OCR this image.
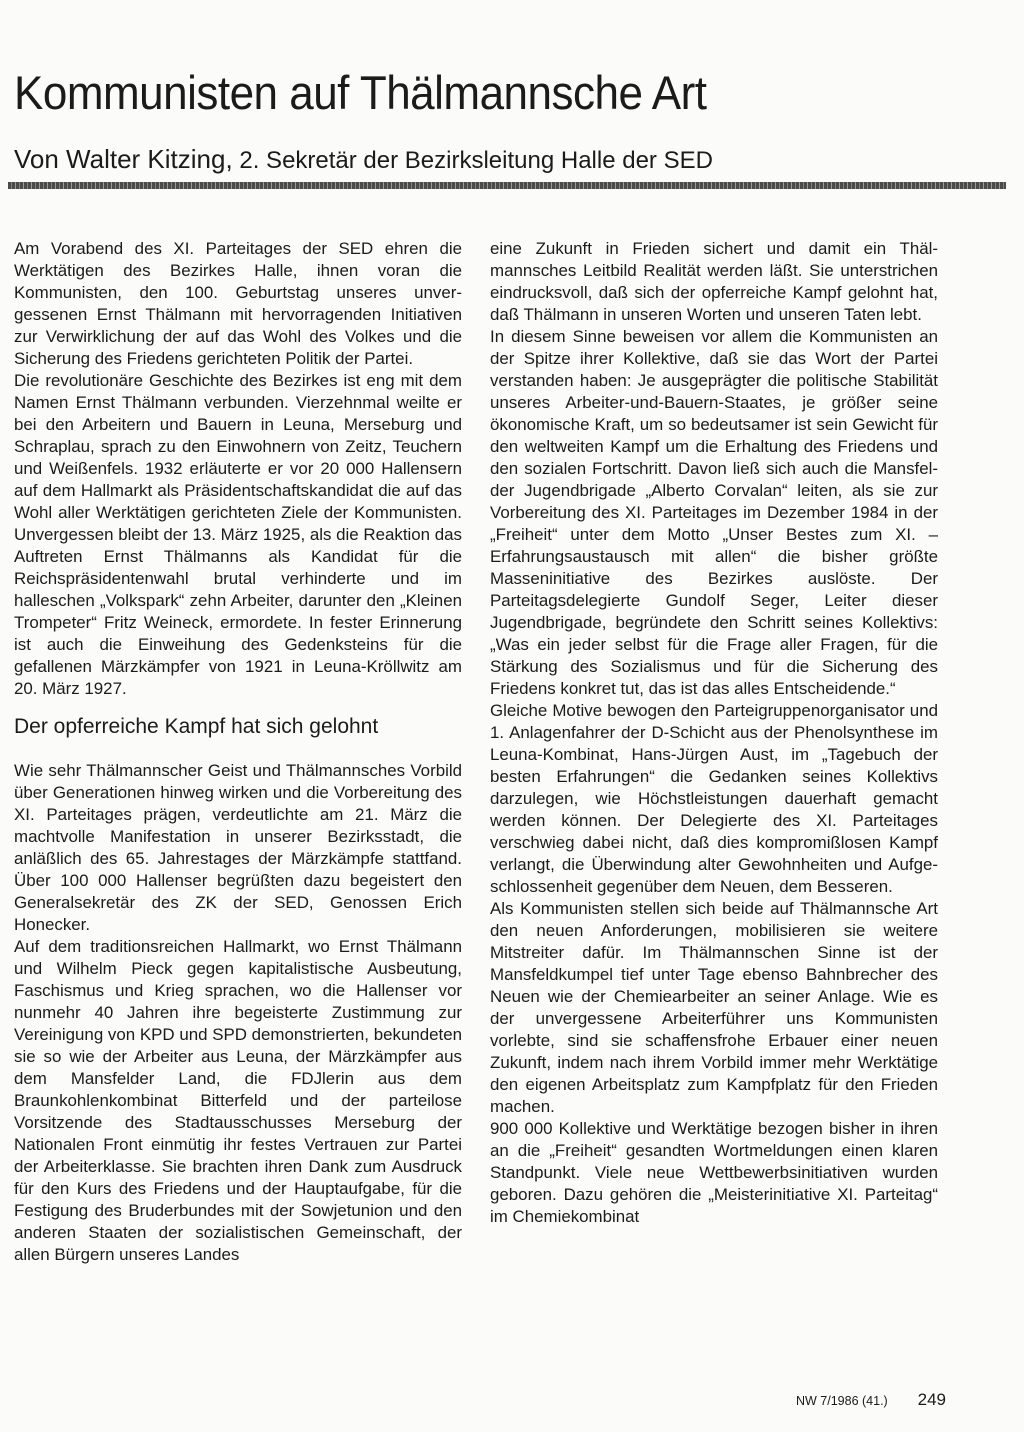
Kommunisten auf Thälmannsche Art
Von Walter Kitzing, 2. Sekretär der Bezirksleitung Halle der SED

Am Vorabend des XI. Parteitages der SED ehren die Werktätigen des Bezirkes Halle, ihnen voran die Kommunisten, den 100. Geburtstag unseres unvergessenen Ernst Thälmann mit hervorragenden Initiativen zur Verwirklichung der auf das Wohl des Volkes und die Sicherung des Friedens gerichteten Politik der Partei.

Die revolutionäre Geschichte des Bezirkes ist eng mit dem Namen Ernst Thälmann verbunden. Vierzehnmal weilte er bei den Arbeitern und Bauern in Leuna, Merseburg und Schraplau, sprach zu den Einwohnern von Zeitz, Teuchern und Weißenfels. 1932 erläuterte er vor 20 000 Hallensern auf dem Hallmarkt als Präsidentschaftskandidat die auf das Wohl aller Werktätigen gerichteten Ziele der Kommunisten. Unvergessen bleibt der 13. März 1925, als die Reaktion das Auftreten Ernst Thälmanns als Kandidat für die Reichspräsidentenwahl brutal verhinderte und im halleschen „Volkspark“ zehn Arbeiter, darunter den „Kleinen Trompeter“ Fritz Weineck, ermordete. In fester Erinnerung ist auch die Einweihung des Gedenksteins für die gefallenen Märzkämpfer von 1921 in Leuna-Kröllwitz am 20. März 1927.

Der opferreiche Kampf hat sich gelohnt

Wie sehr Thälmannscher Geist und Thälmannsches Vorbild über Generationen hinweg wirken und die Vorbereitung des XI. Parteitages prägen, verdeutlichte am 21. März die machtvolle Manifestation in unserer Bezirksstadt, die anläßlich des 65. Jahrestages der Märzkämpfe stattfand. Über 100 000 Hallenser begrüßten dazu begeistert den Generalsekretär des ZK der SED, Genossen Erich Honecker.

Auf dem traditionsreichen Hallmarkt, wo Ernst Thälmann und Wilhelm Pieck gegen kapitalistische Ausbeutung, Faschismus und Krieg sprachen, wo die Hallenser vor nunmehr 40 Jahren ihre begeisterte Zustimmung zur Vereinigung von KPD und SPD demonstrierten, bekundeten sie so wie der Arbeiter aus Leuna, der Märzkämpfer aus dem Mansfelder Land, die FDJlerin aus dem Braunkohlenkombinat Bitterfeld und der parteilose Vorsitzende des Stadtausschusses Merseburg der Nationalen Front einmütig ihr festes Vertrauen zur Partei der Arbeiterklasse. Sie brachten ihren Dank zum Ausdruck für den Kurs des Friedens und der Hauptaufgabe, für die Festigung des Bruderbundes mit der Sowjetunion und den anderen Staaten der sozialistischen Gemeinschaft, der allen Bürgern unseres Landes

eine Zukunft in Frieden sichert und damit ein Thälmannsches Leitbild Realität werden läßt. Sie unterstrichen eindrucksvoll, daß sich der opferreiche Kampf gelohnt hat, daß Thälmann in unseren Worten und unseren Taten lebt.

In diesem Sinne beweisen vor allem die Kommunisten an der Spitze ihrer Kollektive, daß sie das Wort der Partei verstanden haben: Je ausgeprägter die politische Stabilität unseres Arbeiter-und-Bauern-Staates, je größer seine ökonomische Kraft, um so bedeutsamer ist sein Gewicht für den weltweiten Kampf um die Erhaltung des Friedens und den sozialen Fortschritt. Davon ließ sich auch die Mansfelder Jugendbrigade „Alberto Corvalan“ leiten, als sie zur Vorbereitung des XI. Parteitages im Dezember 1984 in der „Freiheit“ unter dem Motto „Unser Bestes zum XI. – Erfahrungsaustausch mit allen“ die bisher größte Masseninitiative des Bezirkes auslöste. Der Parteitagsdelegierte Gundolf Seger, Leiter dieser Jugendbrigade, begründete den Schritt seines Kollektivs: „Was ein jeder selbst für die Frage aller Fragen, für die Stärkung des Sozialismus und für die Sicherung des Friedens konkret tut, das ist das alles Entscheidende.“

Gleiche Motive bewogen den Parteigruppenorganisator und 1. Anlagenfahrer der D-Schicht aus der Phenolsynthese im Leuna-Kombinat, Hans-Jürgen Aust, im „Tagebuch der besten Erfahrungen“ die Gedanken seines Kollektivs darzulegen, wie Höchstleistungen dauerhaft gemacht werden können. Der Delegierte des XI. Parteitages verschwieg dabei nicht, daß dies kompromißlosen Kampf verlangt, die Überwindung alter Gewohnheiten und Aufgeschlossenheit gegenüber dem Neuen, dem Besseren.

Als Kommunisten stellen sich beide auf Thälmannsche Art den neuen Anforderungen, mobilisieren sie weitere Mitstreiter dafür. Im Thälmannschen Sinne ist der Mansfeldkumpel tief unter Tage ebenso Bahnbrecher des Neuen wie der Chemiearbeiter an seiner Anlage. Wie es der unvergessene Arbeiterführer uns Kommunisten vorlebte, sind sie schaffensfrohe Erbauer einer neuen Zukunft, indem nach ihrem Vorbild immer mehr Werktätige den eigenen Arbeitsplatz zum Kampfplatz für den Frieden machen.

900 000 Kollektive und Werktätige bezogen bisher in ihren an die „Freiheit“ gesandten Wortmeldungen einen klaren Standpunkt. Viele neue Wettbewerbsinitiativen wurden geboren. Dazu gehören die „Meisterinitiative XI. Parteitag“ im Chemiekombinat

NW 7/1986 (41.) 249
